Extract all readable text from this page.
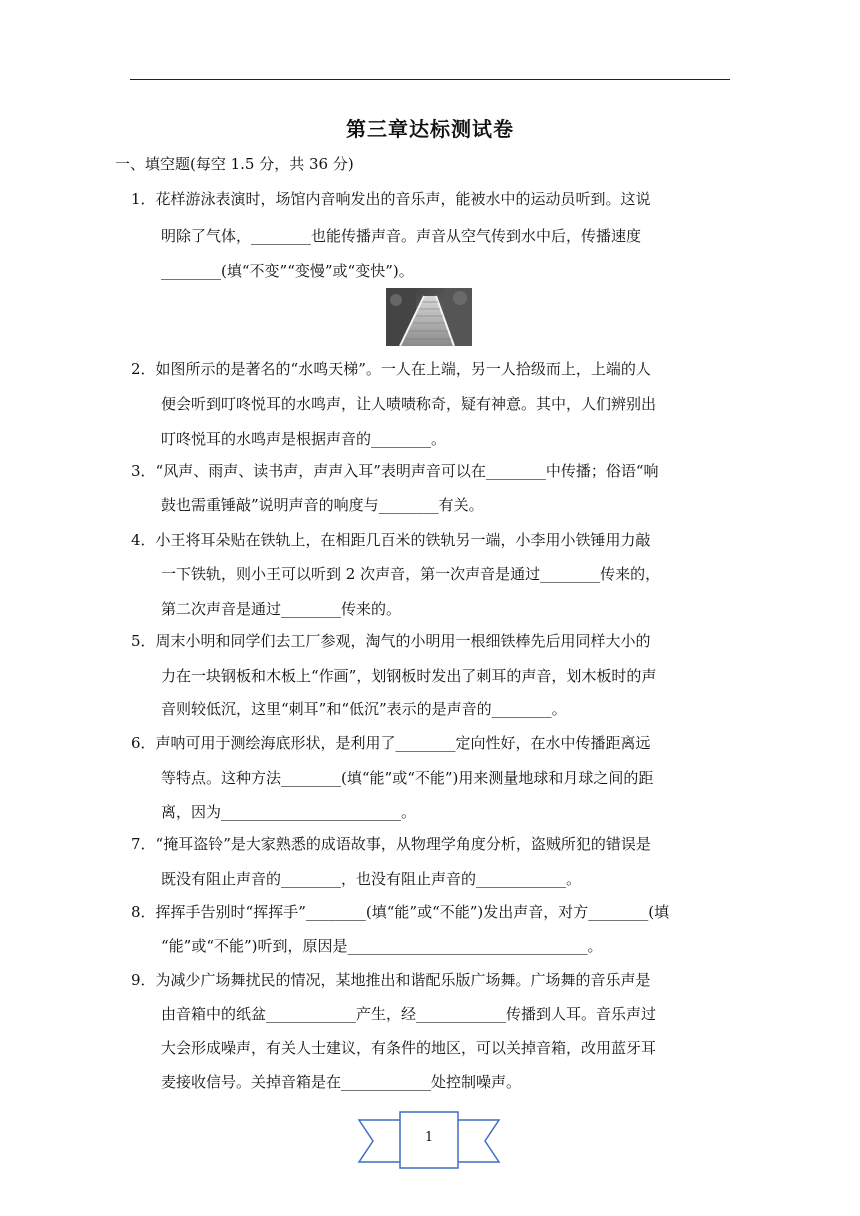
第三章达标测试卷
一、填空题(每空 1.5 分，共 36 分)
1．花样游泳表演时，场馆内音响发出的音乐声，能被水中的运动员听到。这说
明除了气体，________也能传播声音。声音从空气传到水中后，传播速度
________(填“不变”“变慢”或“变快”)。
2．如图所示的是著名的“水鸣天梯”。一人在上端，另一人拾级而上，上端的人
便会听到叮咚悦耳的水鸣声，让人啧啧称奇，疑有神意。其中，人们辨别出
叮咚悦耳的水鸣声是根据声音的________。
3．“风声、雨声、读书声，声声入耳”表明声音可以在________中传播；俗语“响
鼓也需重锤敲”说明声音的响度与________有关。
4．小王将耳朵贴在铁轨上，在相距几百米的铁轨另一端，小李用小铁锤用力敲
一下铁轨，则小王可以听到 2 次声音，第一次声音是通过________传来的，
第二次声音是通过________传来的。
5．周末小明和同学们去工厂参观，淘气的小明用一根细铁棒先后用同样大小的
力在一块钢板和木板上“作画”，划钢板时发出了刺耳的声音，划木板时的声
音则较低沉，这里“刺耳”和“低沉”表示的是声音的________。
6．声呐可用于测绘海底形状，是利用了________定向性好，在水中传播距离远
等特点。这种方法________(填“能”或“不能”)用来测量地球和月球之间的距
离，因为________________________。
7．“掩耳盗铃”是大家熟悉的成语故事，从物理学角度分析，盗贼所犯的错误是
既没有阻止声音的________，也没有阻止声音的____________。
8．挥挥手告别时“挥挥手”________(填“能”或“不能”)发出声音，对方________(填
“能”或“不能”)听到，原因是________________________________。
9．为减少广场舞扰民的情况，某地推出和谐配乐版广场舞。广场舞的音乐声是
由音箱中的纸盆____________产生，经____________传播到人耳。音乐声过
大会形成噪声，有关人士建议，有条件的地区，可以关掉音箱，改用蓝牙耳
麦接收信号。关掉音箱是在____________处控制噪声。
1
